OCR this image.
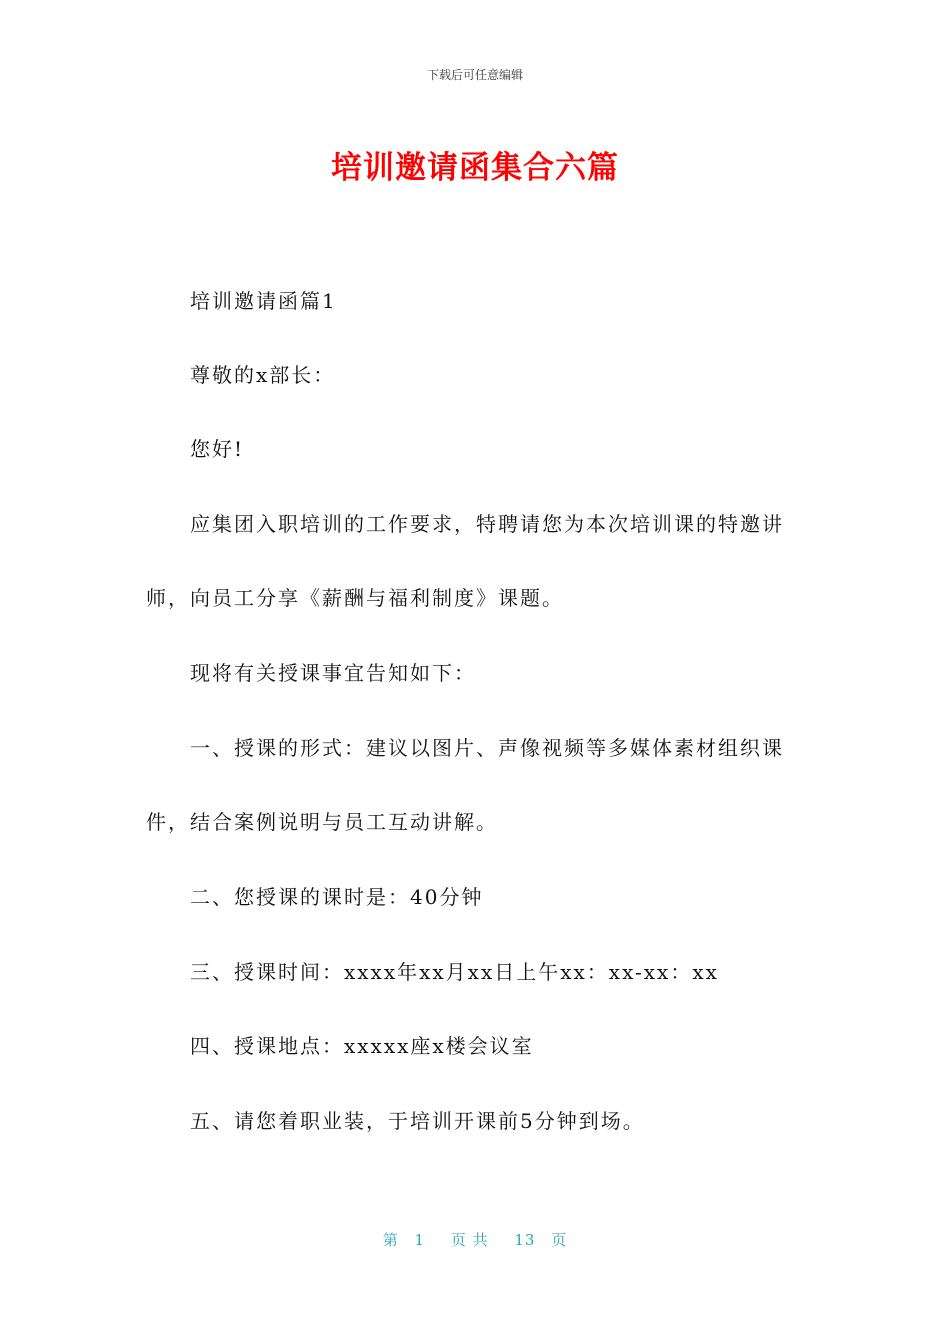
下载后可任意编辑
培训邀请函集合六篇
培训邀请函篇1
尊敬的x部长：
您好!
应集团入职培训的工作要求，特聘请您为本次培训课的特邀讲
师，向员工分享《薪酬与福利制度》课题。
现将有关授课事宜告知如下：
一、授课的形式：建议以图片、声像视频等多媒体素材组织课
件，结合案例说明与员工互动讲解。
二、您授课的课时是：40分钟
三、授课时间：xxxx年xx月xx日上午xx：xx-xx：xx
四、授课地点：xxxxx座x楼会议室
五、请您着职业装，于培训开课前5分钟到场。
第 1 页 共 13 页
